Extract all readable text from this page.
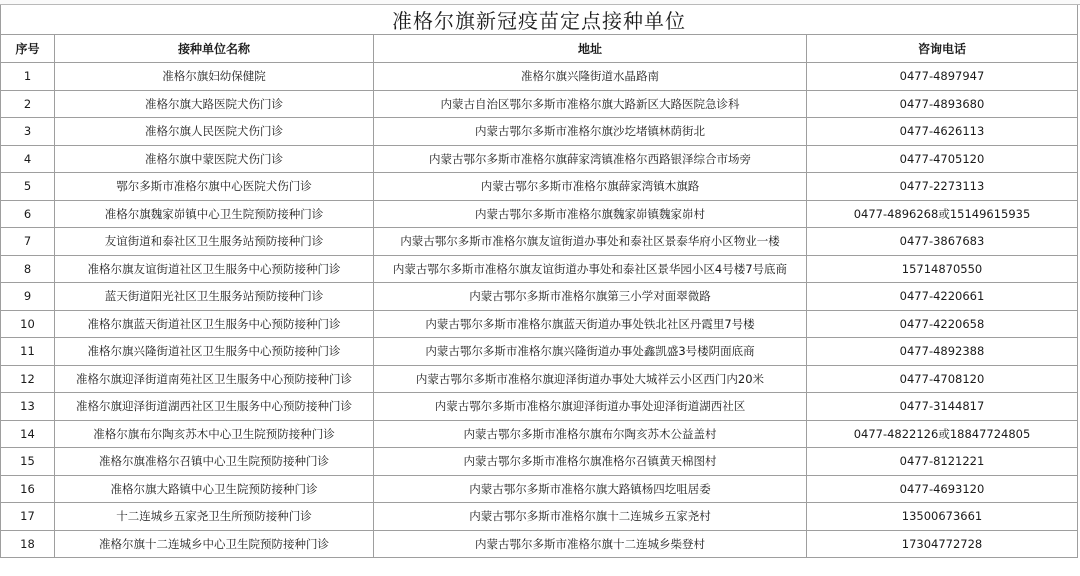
准格尔旗新冠疫苗定点接种单位			
序号	接种单位名称	地址	咨询电话
1	准格尔旗妇幼保健院	准格尔旗兴隆街道水晶路南	0477-4897947
2	准格尔旗大路医院犬伤门诊	内蒙古自治区鄂尔多斯市准格尔旗大路新区大路医院急诊科	0477-4893680
3	准格尔旗人民医院犬伤门诊	内蒙古鄂尔多斯市准格尔旗沙圪堵镇林荫街北	0477-4626113
4	准格尔旗中蒙医院犬伤门诊	内蒙古鄂尔多斯市准格尔旗薛家湾镇准格尔西路银泽综合市场旁	0477-4705120
5	鄂尔多斯市准格尔旗中心医院犬伤门诊	内蒙古鄂尔多斯市准格尔旗薛家湾镇木旗路	0477-2273113
6	准格尔旗魏家峁镇中心卫生院预防接种门诊	内蒙古鄂尔多斯市准格尔旗魏家峁镇魏家峁村	0477-4896268或15149615935
7	友谊街道和泰社区卫生服务站预防接种门诊	内蒙古鄂尔多斯市准格尔旗友谊街道办事处和泰社区景泰华府小区物业一楼	0477-3867683
8	准格尔旗友谊街道社区卫生服务中心预防接种门诊	内蒙古鄂尔多斯市准格尔旗友谊街道办事处和泰社区景华园小区4号楼7号底商	15714870550
9	蓝天街道阳光社区卫生服务站预防接种门诊	内蒙古鄂尔多斯市准格尔旗第三小学对面翠微路	0477-4220661
10	准格尔旗蓝天街道社区卫生服务中心预防接种门诊	内蒙古鄂尔多斯市准格尔旗蓝天街道办事处铁北社区丹霞里7号楼	0477-4220658
11	准格尔旗兴隆街道社区卫生服务中心预防接种门诊	内蒙古鄂尔多斯市准格尔旗兴隆街道办事处鑫凯盛3号楼阴面底商	0477-4892388
12	准格尔旗迎泽街道南苑社区卫生服务中心预防接种门诊	内蒙古鄂尔多斯市准格尔旗迎泽街道办事处大城祥云小区西门内20米	0477-4708120
13	准格尔旗迎泽街道湖西社区卫生服务中心预防接种门诊	内蒙古鄂尔多斯市准格尔旗迎泽街道办事处迎泽街道湖西社区	0477-3144817
14	准格尔旗布尔陶亥苏木中心卫生院预防接种门诊	内蒙古鄂尔多斯市准格尔旗布尔陶亥苏木公益盖村	0477-4822126或18847724805
15	准格尔旗准格尔召镇中心卫生院预防接种门诊	内蒙古鄂尔多斯市准格尔旗准格尔召镇黄天棉图村	0477-8121221
16	准格尔旗大路镇中心卫生院预防接种门诊	内蒙古鄂尔多斯市准格尔旗大路镇杨四圪咀居委	0477-4693120
17	十二连城乡五家尧卫生所预防接种门诊	内蒙古鄂尔多斯市准格尔旗十二连城乡五家尧村	13500673661
18	准格尔旗十二连城乡中心卫生院预防接种门诊	内蒙古鄂尔多斯市准格尔旗十二连城乡柴登村	17304772728
